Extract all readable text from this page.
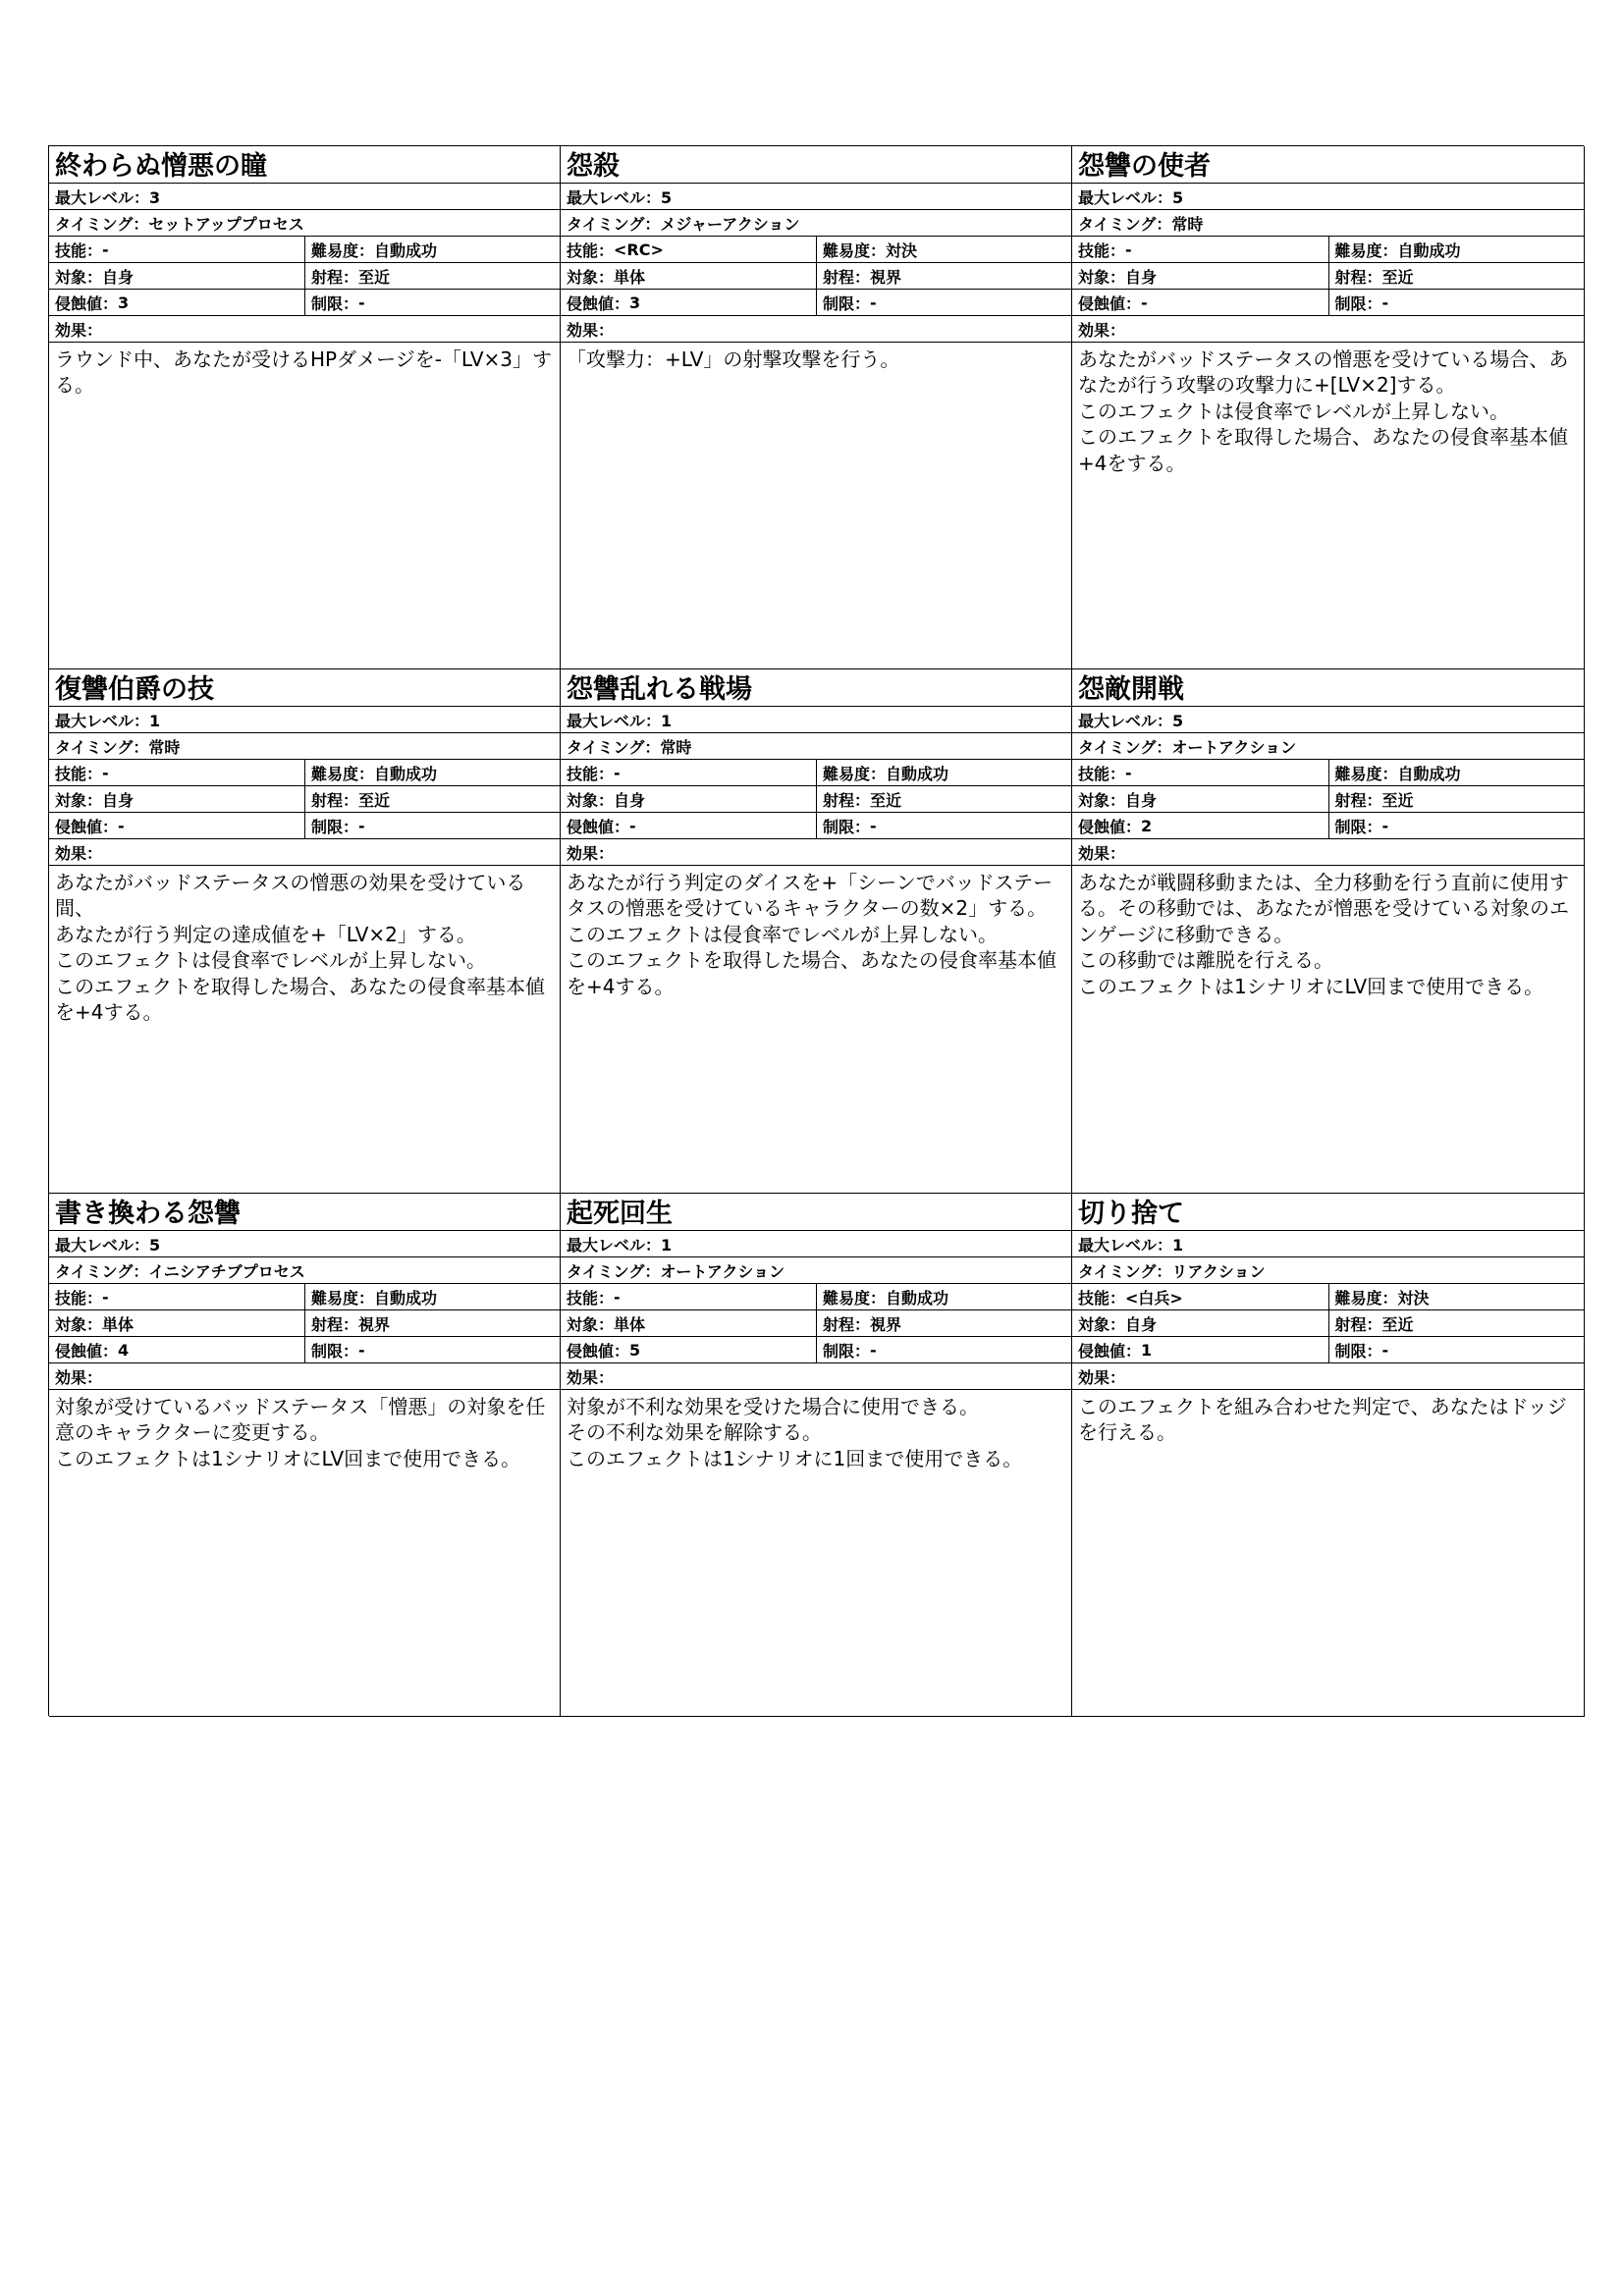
終わらぬ憎悪の瞳
最大レベル：3
タイミング：セットアッププロセス
技能： -	難易度： 自動成功
対象： 自身	射程： 至近
侵蝕値： 3	制限： -
効果：
ラウンド中、あなたが受けるHPダメージを-「LV×3」する。
怨殺
最大レベル：5
タイミング：メジャーアクション
技能： <RC>	難易度： 対決
対象： 単体	射程： 視界
侵蝕値： 3	制限： -
効果：
「攻撃力：+LV」の射撃攻撃を行う。
怨讐の使者
最大レベル：5
タイミング：常時
技能： -	難易度： 自動成功
対象： 自身	射程： 至近
侵蝕値： -	制限： -
効果：
あなたがバッドステータスの憎悪を受けている場合、あなたが行う攻撃の攻撃力に+[LV×2]する。
このエフェクトは侵食率でレベルが上昇しない。
このエフェクトを取得した場合、あなたの侵食率基本値+4をする。
復讐伯爵の技
最大レベル：1
タイミング：常時
技能： -	難易度： 自動成功
対象： 自身	射程： 至近
侵蝕値： -	制限： -
効果：
あなたがバッドステータスの憎悪の効果を受けている間、
あなたが行う判定の達成値を+「LV×2」する。
このエフェクトは侵食率でレベルが上昇しない。
このエフェクトを取得した場合、あなたの侵食率基本値を+4する。
怨讐乱れる戦場
最大レベル：1
タイミング：常時
技能： -	難易度： 自動成功
対象： 自身	射程： 至近
侵蝕値： -	制限： -
効果：
あなたが行う判定のダイスを+「シーンでバッドステータスの憎悪を受けているキャラクターの数×2」する。
このエフェクトは侵食率でレベルが上昇しない。
このエフェクトを取得した場合、あなたの侵食率基本値を+4する。
怨敵開戦
最大レベル：5
タイミング：オートアクション
技能： -	難易度： 自動成功
対象： 自身	射程： 至近
侵蝕値： 2	制限： -
効果：
あなたが戦闘移動または、全力移動を行う直前に使用する。その移動では、あなたが憎悪を受けている対象のエンゲージに移動できる。
この移動では離脱を行える。
このエフェクトは1シナリオにLV回まで使用できる。
書き換わる怨讐
最大レベル：5
タイミング：イニシアチブプロセス
技能： -	難易度： 自動成功
対象： 単体	射程： 視界
侵蝕値： 4	制限： -
効果：
対象が受けているバッドステータス「憎悪」の対象を任意のキャラクターに変更する。
このエフェクトは1シナリオにLV回まで使用できる。
起死回生
最大レベル：1
タイミング：オートアクション
技能： -	難易度： 自動成功
対象： 単体	射程： 視界
侵蝕値： 5	制限： -
効果：
対象が不利な効果を受けた場合に使用できる。
その不利な効果を解除する。
このエフェクトは1シナリオに1回まで使用できる。
切り捨て
最大レベル：1
タイミング：リアクション
技能： <白兵>	難易度： 対決
対象： 自身	射程： 至近
侵蝕値： 1	制限： -
効果：
このエフェクトを組み合わせた判定で、あなたはドッジを行える。
